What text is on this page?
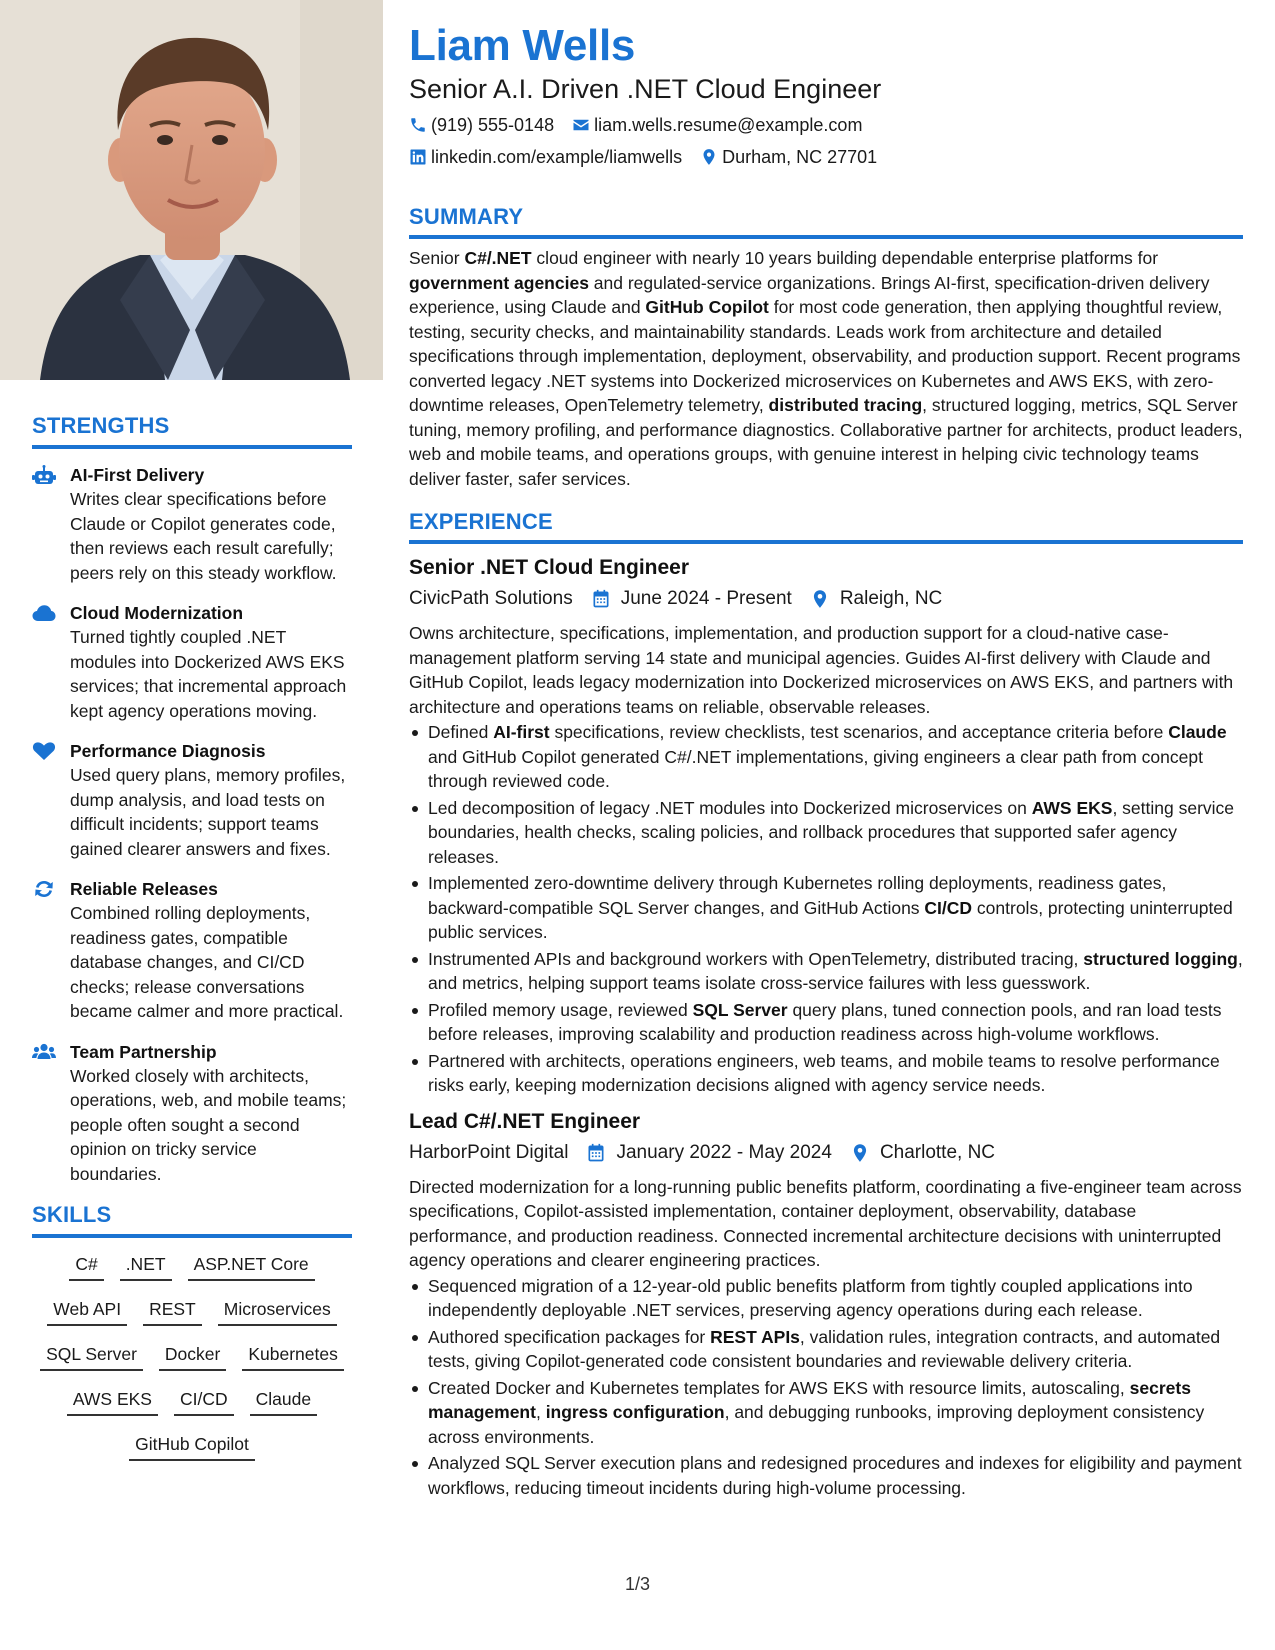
STRENGTHS
AI-First Delivery
Writes clear specifications before Claude or Copilot generates code, then reviews each result carefully; peers rely on this steady workflow.
Cloud Modernization
Turned tightly coupled .NET modules into Dockerized AWS EKS services; that incremental approach kept agency operations moving.
Performance Diagnosis
Used query plans, memory profiles, dump analysis, and load tests on difficult incidents; support teams gained clearer answers and fixes.
Reliable Releases
Combined rolling deployments, readiness gates, compatible database changes, and CI/CD checks; release conversations became calmer and more practical.
Team Partnership
Worked closely with architects, operations, web, and mobile teams; people often sought a second opinion on tricky service boundaries.
SKILLS
C#	.NET	ASP.NET Core
Web API	REST	Microservices
SQL Server	Docker	Kubernetes
AWS EKS	CI/CD	Claude
GitHub Copilot
Liam Wells
Senior A.I. Driven .NET Cloud Engineer
(919) 555-0148 liam.wells.resume@example.com
linkedin.com/example/liamwells Durham, NC 27701
SUMMARY
Senior C#/.NET cloud engineer with nearly 10 years building dependable enterprise platforms for government agencies and regulated-service organizations. Brings AI-first, specification-driven delivery experience, using Claude and GitHub Copilot for most code generation, then applying thoughtful review, testing, security checks, and maintainability standards. Leads work from architecture and detailed specifications through implementation, deployment, observability, and production support. Recent programs converted legacy .NET systems into Dockerized microservices on Kubernetes and AWS EKS, with zero-downtime releases, OpenTelemetry telemetry, distributed tracing, structured logging, metrics, SQL Server tuning, memory profiling, and performance diagnostics. Collaborative partner for architects, product leaders, web and mobile teams, and operations groups, with genuine interest in helping civic technology teams deliver faster, safer services.
EXPERIENCE
Senior .NET Cloud Engineer
CivicPath Solutions	June 2024 - Present	Raleigh, NC
Owns architecture, specifications, implementation, and production support for a cloud-native case-management platform serving 14 state and municipal agencies. Guides AI-first delivery with Claude and GitHub Copilot, leads legacy modernization into Dockerized microservices on AWS EKS, and partners with architecture and operations teams on reliable, observable releases.
Defined AI-first specifications, review checklists, test scenarios, and acceptance criteria before Claude and GitHub Copilot generated C#/.NET implementations, giving engineers a clear path from concept through reviewed code.
Led decomposition of legacy .NET modules into Dockerized microservices on AWS EKS, setting service boundaries, health checks, scaling policies, and rollback procedures that supported safer agency releases.
Implemented zero-downtime delivery through Kubernetes rolling deployments, readiness gates, backward-compatible SQL Server changes, and GitHub Actions CI/CD controls, protecting uninterrupted public services.
Instrumented APIs and background workers with OpenTelemetry, distributed tracing, structured logging, and metrics, helping support teams isolate cross-service failures with less guesswork.
Profiled memory usage, reviewed SQL Server query plans, tuned connection pools, and ran load tests before releases, improving scalability and production readiness across high-volume workflows.
Partnered with architects, operations engineers, web teams, and mobile teams to resolve performance risks early, keeping modernization decisions aligned with agency service needs.
Lead C#/.NET Engineer
HarborPoint Digital	January 2022 - May 2024	Charlotte, NC
Directed modernization for a long-running public benefits platform, coordinating a five-engineer team across specifications, Copilot-assisted implementation, container deployment, observability, database performance, and production readiness. Connected incremental architecture decisions with uninterrupted agency operations and clearer engineering practices.
Sequenced migration of a 12-year-old public benefits platform from tightly coupled applications into independently deployable .NET services, preserving agency operations during each release.
Authored specification packages for REST APIs, validation rules, integration contracts, and automated tests, giving Copilot-generated code consistent boundaries and reviewable delivery criteria.
Created Docker and Kubernetes templates for AWS EKS with resource limits, autoscaling, secrets management, ingress configuration, and debugging runbooks, improving deployment consistency across environments.
Analyzed SQL Server execution plans and redesigned procedures and indexes for eligibility and payment workflows, reducing timeout incidents during high-volume processing.
1/3
